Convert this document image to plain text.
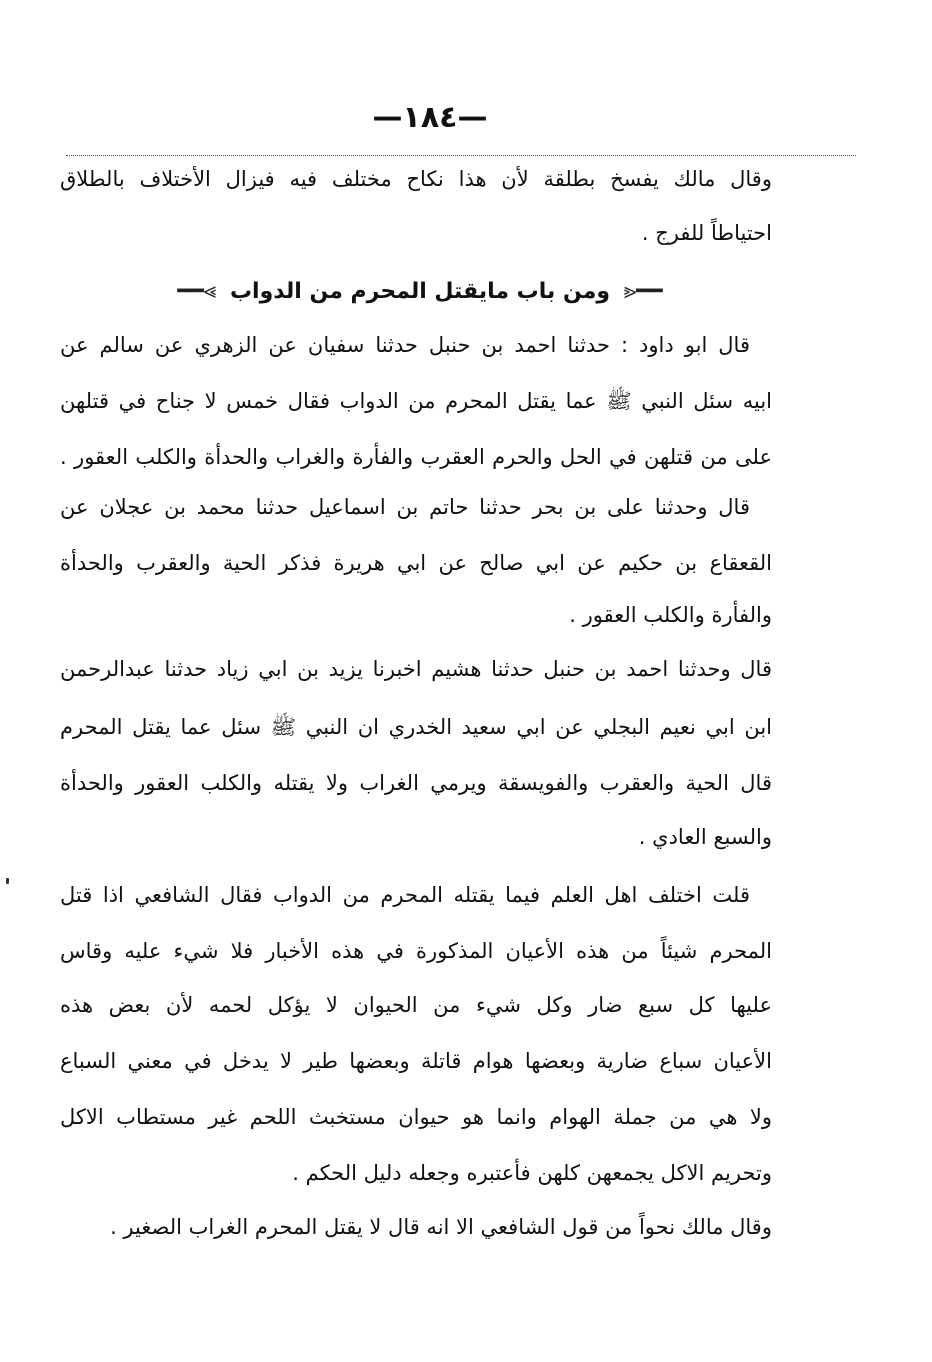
—١٨٤—
وقال مالك يفسخ بطلقة لأن هذا نكاح مختلف فيه فيزال الأختلاف بالطلاق
احتياطاً للفرج .
━━⪡ ومن باب مايقتل المحرم من الدواب ⪢━━
قال ابو داود : حدثنا احمد بن حنبل حدثنا سفيان عن الزهري عن سالم عن
ابيه سئل النبي ﷺ عما يقتل المحرم من الدواب فقال خمس لا جناح في قتلهن
على من قتلهن في الحل والحرم العقرب والفأرة والغراب والحدأة والكلب العقور .
قال وحدثنا على بن بحر حدثنا حاتم بن اسماعيل حدثنا محمد بن عجلان عن
القعقاع بن حكيم عن ابي صالح عن ابي هريرة فذكر الحية والعقرب والحدأة
والفأرة والكلب العقور .
قال وحدثنا احمد بن حنبل حدثنا هشيم اخبرنا يزيد بن ابي زياد حدثنا عبدالرحمن
ابن ابي نعيم البجلي عن ابي سعيد الخدري ان النبي ﷺ سئل عما يقتل المحرم
قال الحية والعقرب والفويسقة ويرمي الغراب ولا يقتله والكلب العقور والحدأة
والسبع العادي .
قلت اختلف اهل العلم فيما يقتله المحرم من الدواب فقال الشافعي اذا قتل
المحرم شيئاً من هذه الأعيان المذكورة في هذه الأخبار فلا شيء عليه وقاس
عليها كل سبع ضار وكل شيء من الحيوان لا يؤكل لحمه لأن بعض هذه
الأعيان سباع ضارية وبعضها هوام قاتلة وبعضها طير لا يدخل في معني السباع
ولا هي من جملة الهوام وانما هو حيوان مستخبث اللحم غير مستطاب الاكل
وتحريم الاكل يجمعهن كلهن فأعتبره وجعله دليل الحكم .
وقال مالك نحواً من قول الشافعي الا انه قال لا يقتل المحرم الغراب الصغير .
